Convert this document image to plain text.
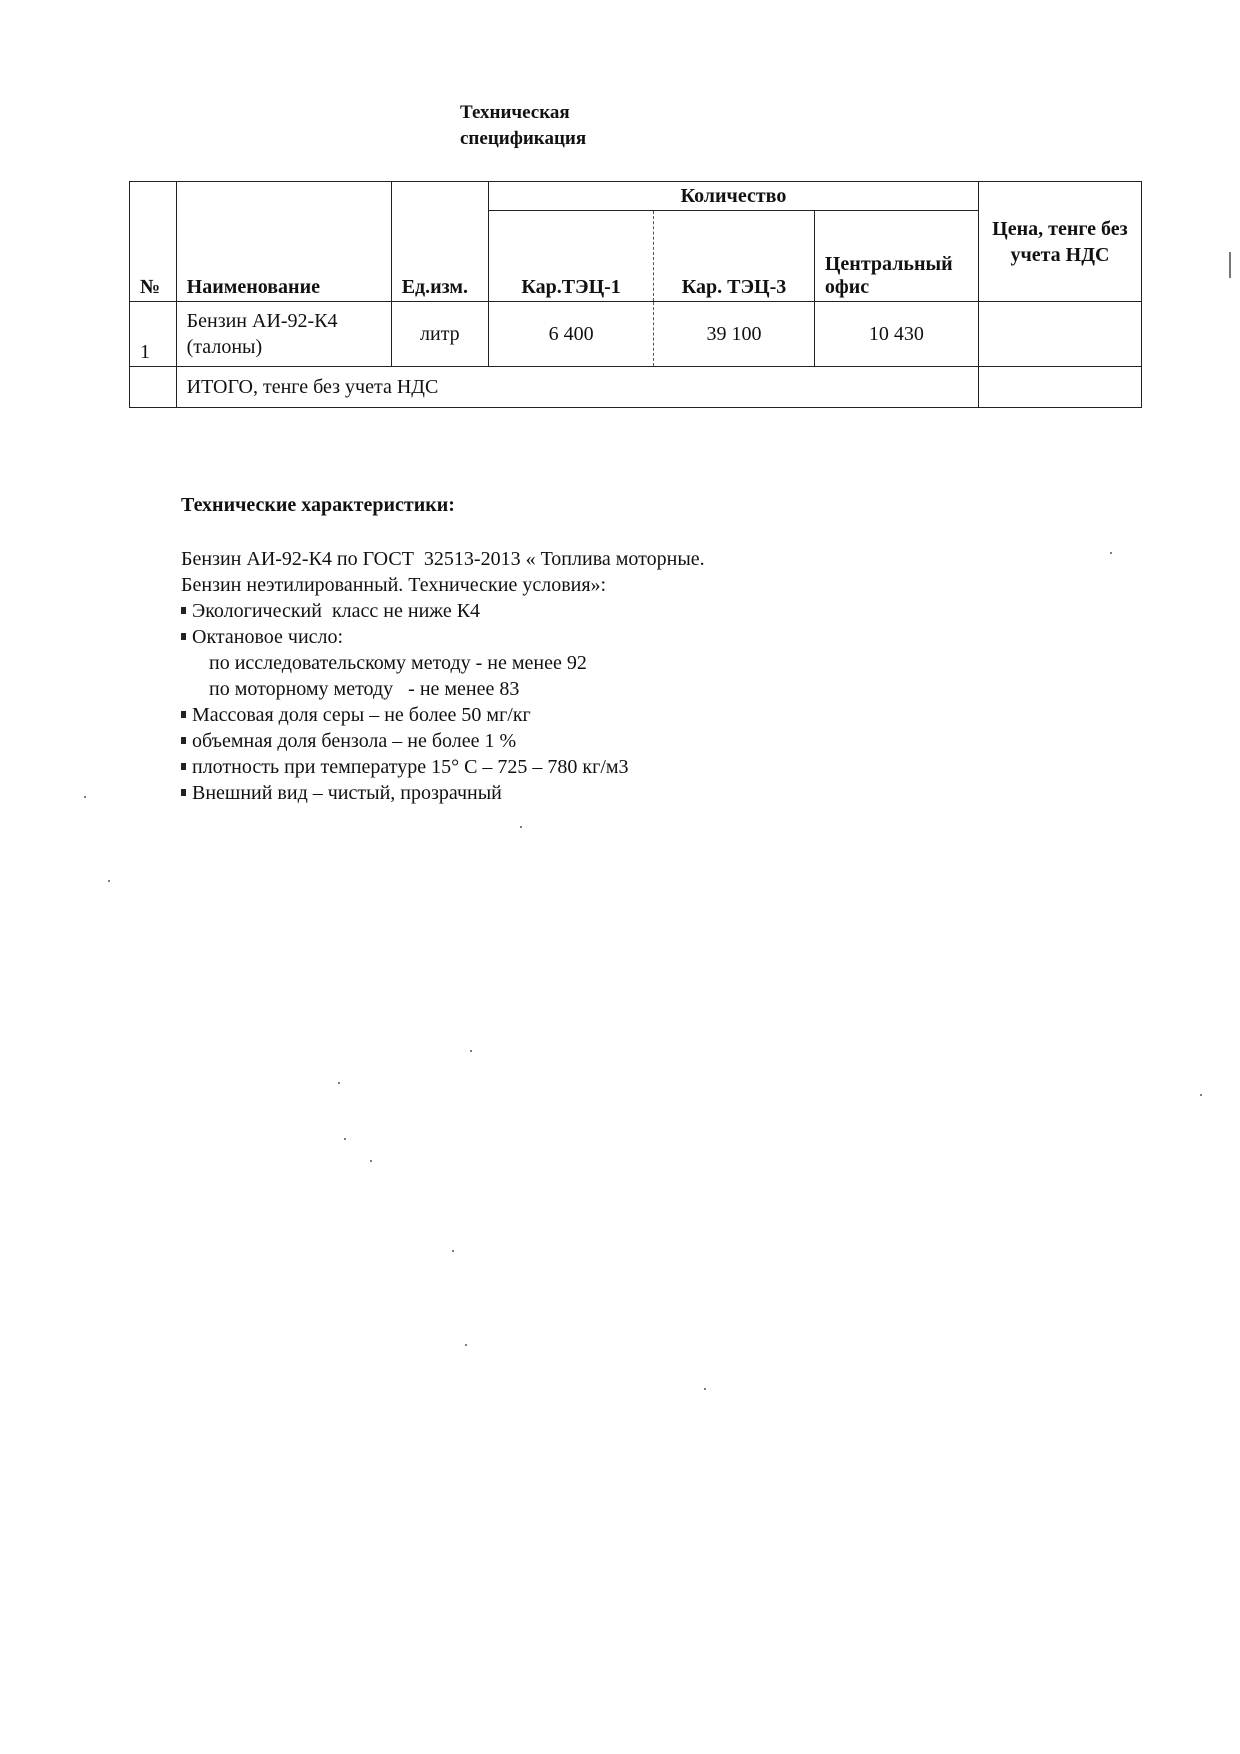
Техническая
спецификация
№	Наименование	Ед.изм.	Количество			Цена, тенге без учета НДС
			Кар.ТЭЦ-1	Кар. ТЭЦ-3	Центральный офис	
1	Бензин АИ-92-К4 (талоны)	литр	6 400	39 100	10 430	
	ИТОГО, тенге без учета НДС					
Технические характеристики:
Бензин АИ-92-К4 по ГОСТ  32513-2013 « Топлива моторные.
Бензин неэтилированный. Технические условия»:
Экологический  класс не ниже К4
Октановое число:
по исследовательскому методу - не менее 92
по моторному методу   - не менее 83
Массовая доля серы – не более 50 мг/кг
объемная доля бензола – не более 1 %
плотность при температуре 15° С – 725 – 780 кг/м3
Внешний вид – чистый, прозрачный
